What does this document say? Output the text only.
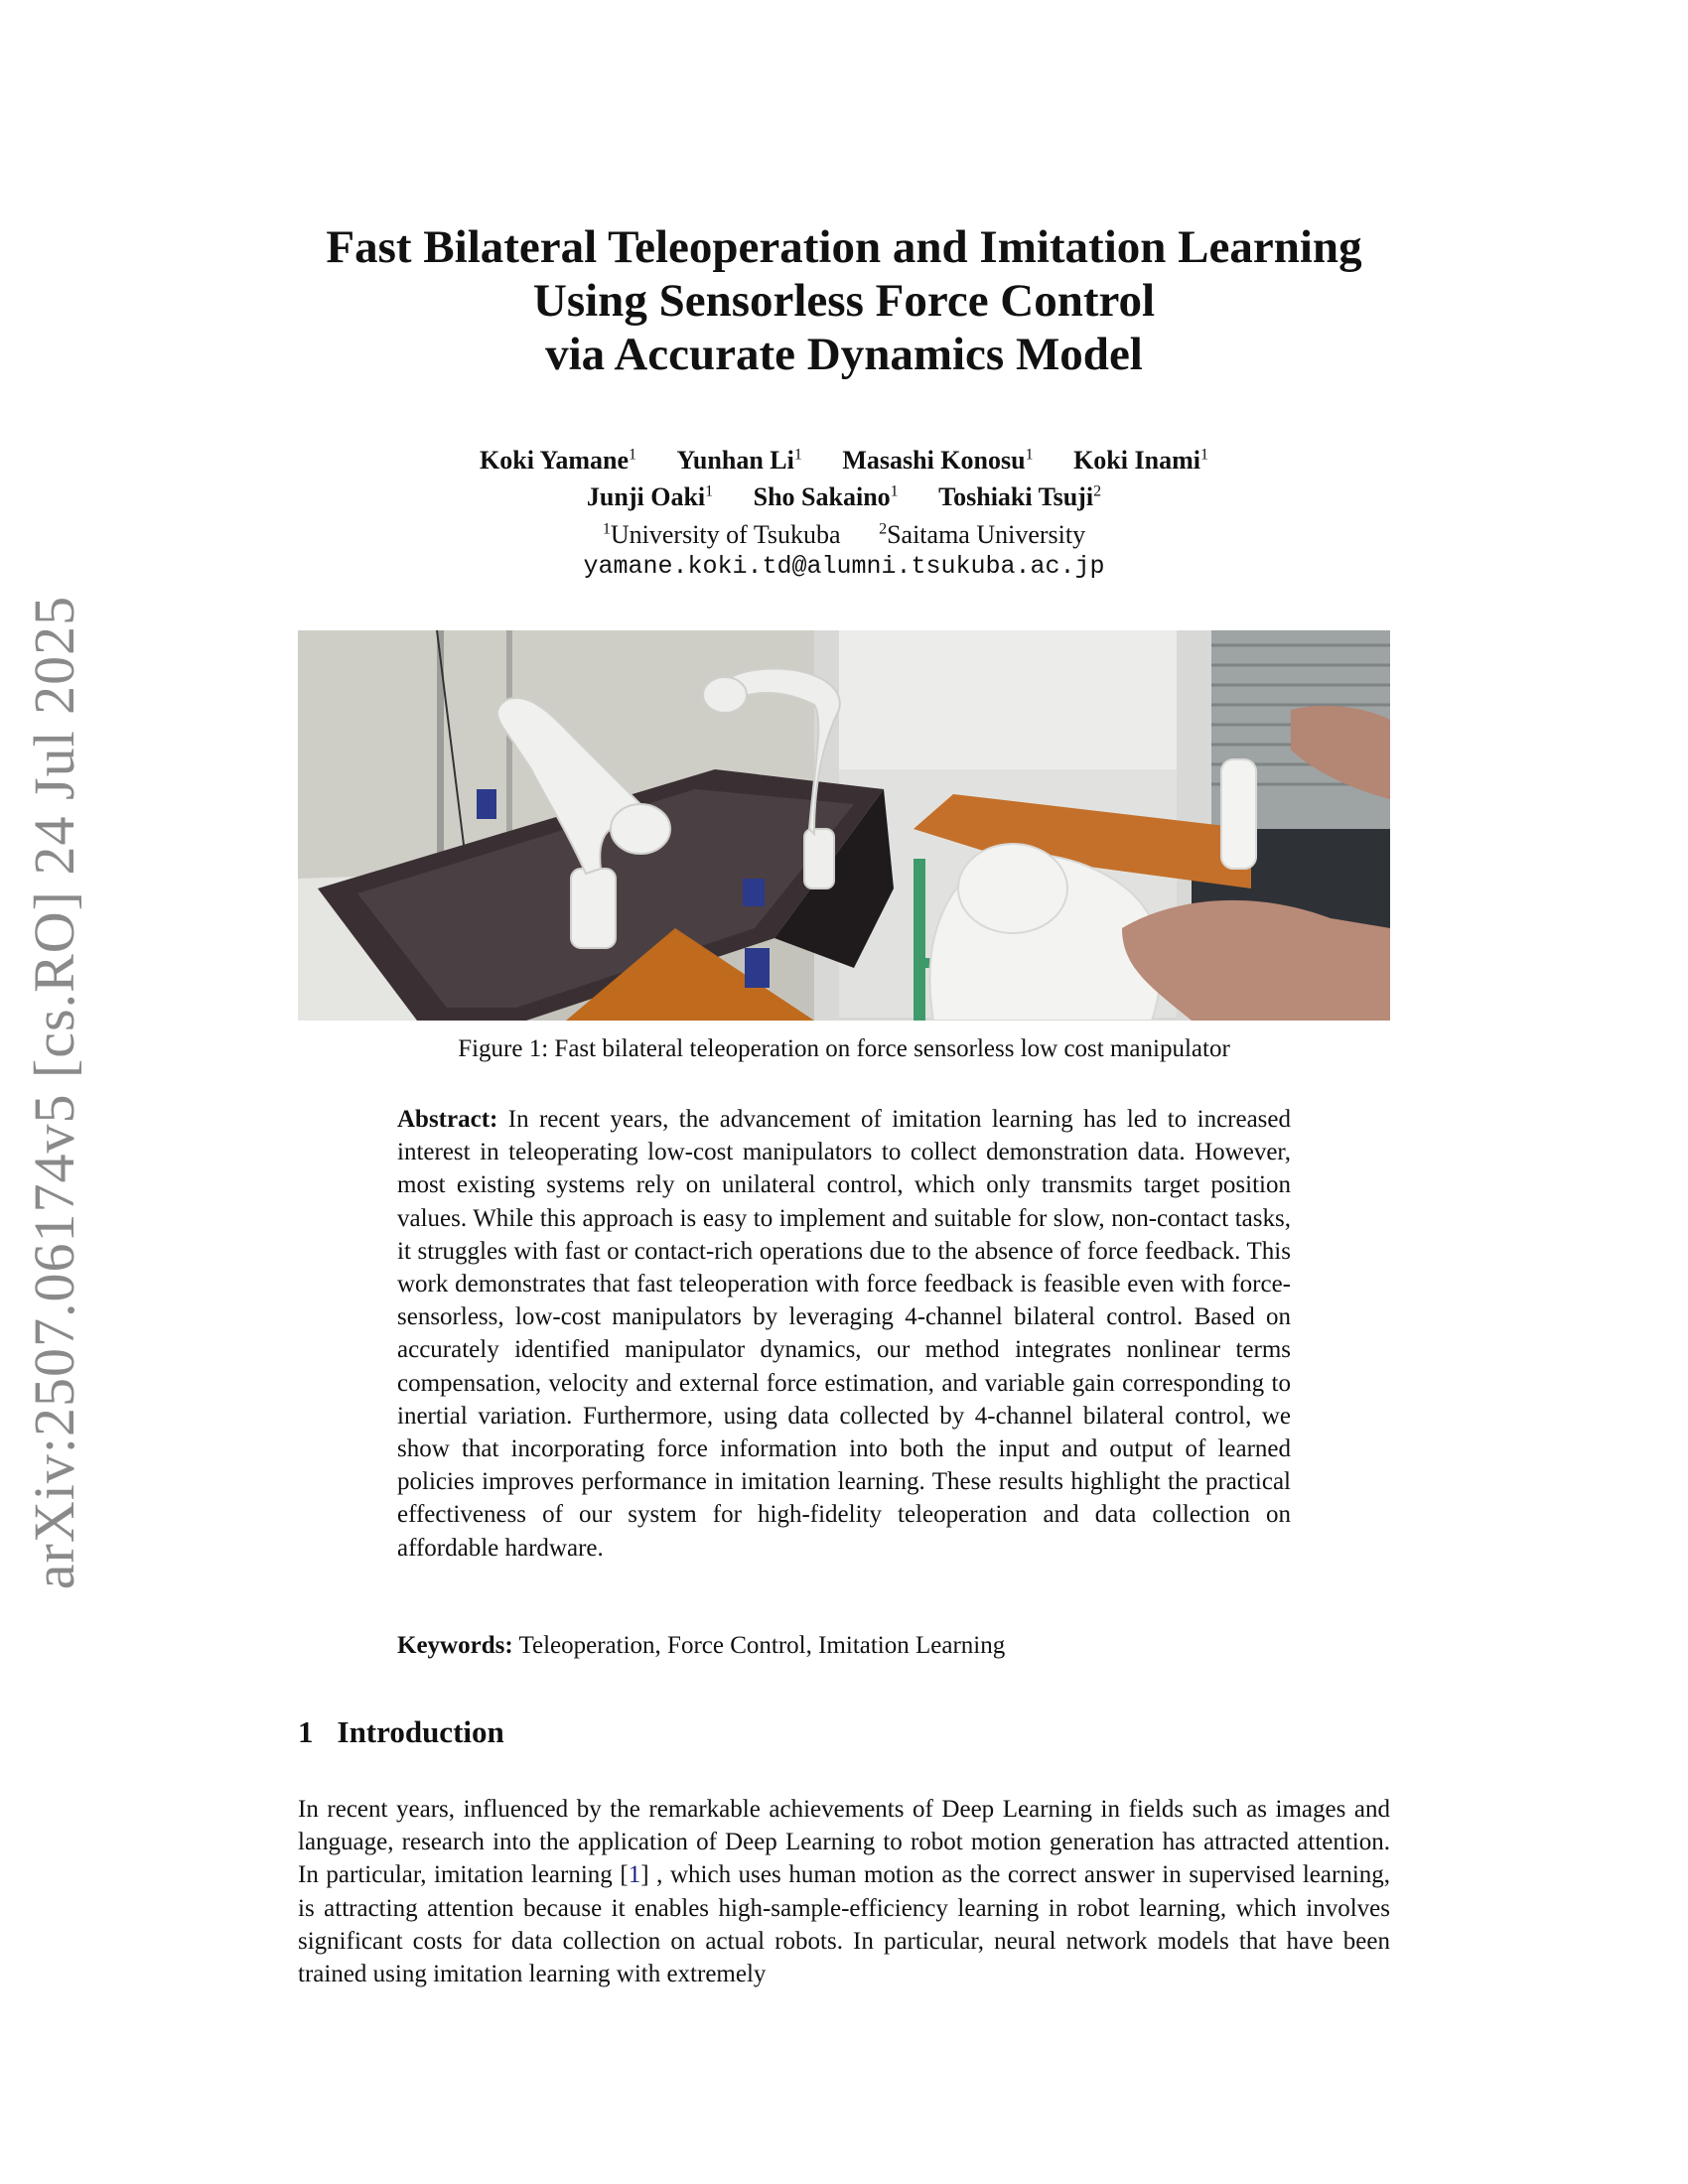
arXiv:2507.06174v5 [cs.RO] 24 Jul 2025
Fast Bilateral Teleoperation and Imitation Learning
Using Sensorless Force Control
via Accurate Dynamics Model
Koki Yamane$^1$ Yunhan Li$^1$ Masashi Konosu$^1$ Koki Inami$^1$
Junji Oaki$^1$ Sho Sakaino$^1$ Toshiaki Tsuji$^2$
$^1$University of Tsukuba $^2$Saitama University
yamane.koki.td@alumni.tsukuba.ac.jp
Figure 1: Fast bilateral teleoperation on force sensorless low cost manipulator
Abstract: In recent years, the advancement of imitation learning has led to increased interest in teleoperating low-cost manipulators to collect demonstration data. However, most existing systems rely on unilateral control, which only transmits target position values. While this approach is easy to implement and suitable for slow, non-contact tasks, it struggles with fast or contact-rich operations due to the absence of force feedback. This work demonstrates that fast teleoperation with force feedback is feasible even with force-sensorless, low-cost manipulators by leveraging 4-channel bilateral control. Based on accurately identified manipulator dynamics, our method integrates nonlinear terms compensation, velocity and external force estimation, and variable gain corresponding to inertial variation. Furthermore, using data collected by 4-channel bilateral control, we show that incorporating force information into both the input and output of learned policies improves performance in imitation learning. These results highlight the practical effectiveness of our system for high-fidelity teleoperation and data collection on affordable hardware.
Keywords: Teleoperation, Force Control, Imitation Learning
1 Introduction
In recent years, influenced by the remarkable achievements of Deep Learning in fields such as images and language, research into the application of Deep Learning to robot motion generation has attracted attention. In particular, imitation learning [1] , which uses human motion as the correct answer in supervised learning, is attracting attention because it enables high-sample-efficiency learning in robot learning, which involves significant costs for data collection on actual robots. In particular, neural network models that have been trained using imitation learning with extremely
